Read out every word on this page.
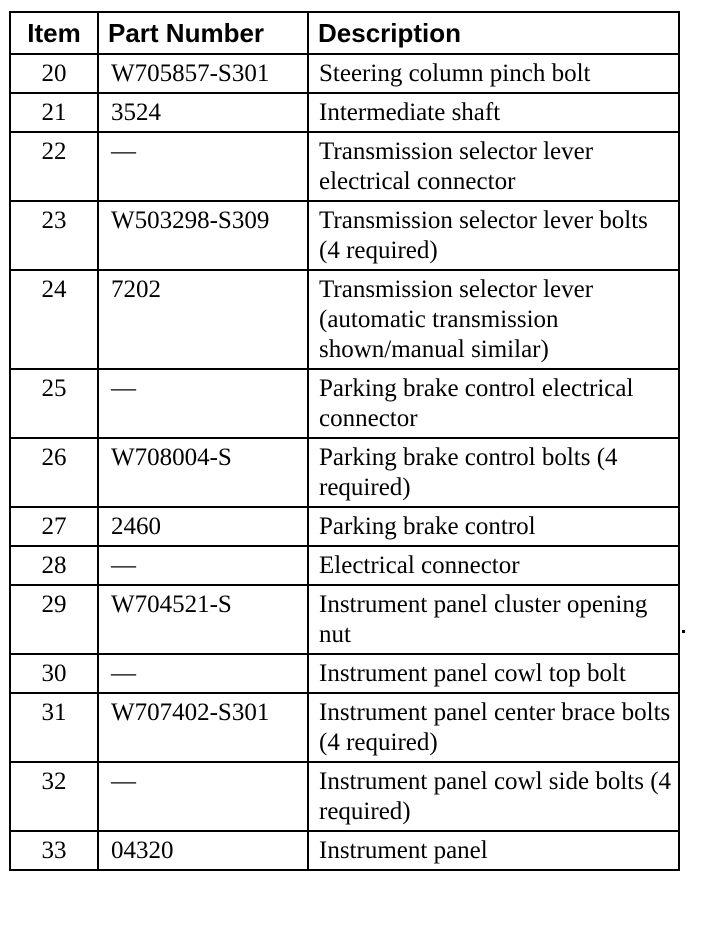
Item	Part Number	Description
20	W705857-S301	Steering column pinch bolt
21	3524	Intermediate shaft
22	—	Transmission selector lever electrical connector
23	W503298-S309	Transmission selector lever bolts (4 required)
24	7202	Transmission selector lever (automatic transmission shown/manual similar)
25	—	Parking brake control electrical connector
26	W708004-S	Parking brake control bolts (4 required)
27	2460	Parking brake control
28	—	Electrical connector
29	W704521-S	Instrument panel cluster opening nut
30	—	Instrument panel cowl top bolt
31	W707402-S301	Instrument panel center brace bolts (4 required)
32	—	Instrument panel cowl side bolts (4 required)
33	04320	Instrument panel
